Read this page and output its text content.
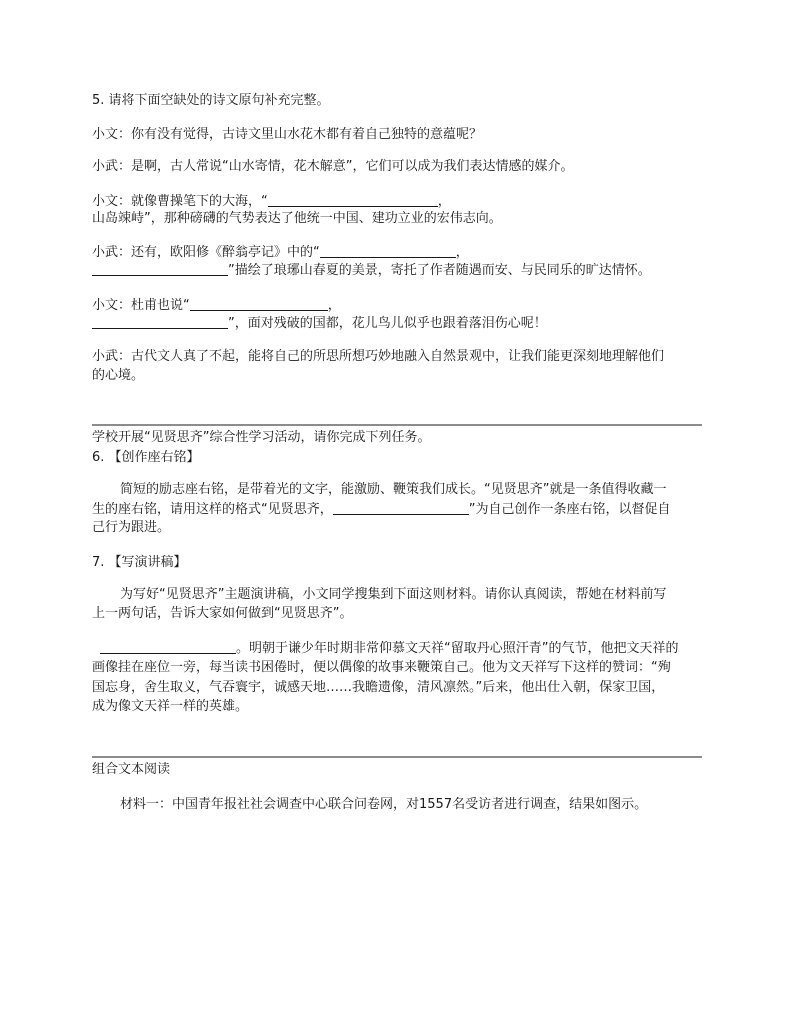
5. 请将下面空缺处的诗文原句补充完整。
小文：你有没有觉得，古诗文里山水花木都有着自己独特的意蕴呢？
小武：是啊，古人常说“山水寄情，花木解意”，它们可以成为我们表达情感的媒介。
小文：就像曹操笔下的大海，“	，
山岛竦峙”，那种磅礴的气势表达了他统一中国、建功立业的宏伟志向。
小武：还有，欧阳修《醉翁亭记》中的“	，
”描绘了琅琊山春夏的美景，寄托了作者随遇而安、与民同乐的旷达情怀。
小文：杜甫也说“	，
”，面对残破的国都，花儿鸟儿似乎也跟着落泪伤心呢！
小武：古代文人真了不起，能将自己的所思所想巧妙地融入自然景观中，让我们能更深刻地理解他们
的心境。
学校开展“见贤思齐”综合性学习活动，请你完成下列任务。
6. 【创作座右铭】
简短的励志座右铭，是带着光的文字，能激励、鞭策我们成长。“见贤思齐”就是一条值得收藏一
生的座右铭，请用这样的格式“见贤思齐，	”为自己创作一条座右铭，以督促自
己行为跟进。
7. 【写演讲稿】
为写好“见贤思齐”主题演讲稿，小文同学搜集到下面这则材料。请你认真阅读，帮她在材料前写
上一两句话，告诉大家如何做到“见贤思齐”。
。明朝于谦少年时期非常仰慕文天祥“留取丹心照汗青”的气节，他把文天祥的
画像挂在座位一旁，每当读书困倦时，便以偶像的故事来鞭策自己。他为文天祥写下这样的赞词：“殉
国忘身，舍生取义，气吞寰宇，诚感天地……我瞻遗像，清风凛然。”后来，他出仕入朝，保家卫国，
成为像文天祥一样的英雄。
组合文本阅读
材料一：中国青年报社社会调查中心联合问卷网，对1557名受访者进行调查，结果如图示。
